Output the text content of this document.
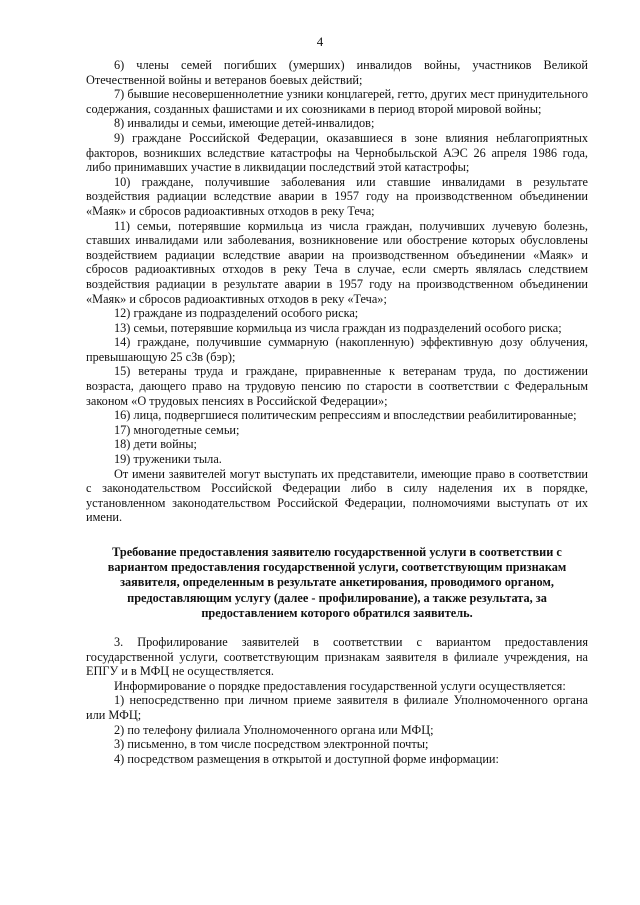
4

6) члены семей погибших (умерших) инвалидов войны, участников Великой Отечественной войны и ветеранов боевых действий;

7) бывшие несовершеннолетние узники концлагерей, гетто, других мест принудительного содержания, созданных фашистами и их союзниками в период второй мировой войны;

8) инвалиды и семьи, имеющие детей-инвалидов;

9) граждане Российской Федерации, оказавшиеся в зоне влияния неблагоприятных факторов, возникших вследствие катастрофы на Чернобыльской АЭС 26 апреля 1986 года, либо принимавших участие в ликвидации последствий этой катастрофы;

10) граждане, получившие заболевания или ставшие инвалидами в результате воздействия радиации вследствие аварии в 1957 году на производственном объединении «Маяк» и сбросов радиоактивных отходов в реку Теча;

11) семьи, потерявшие кормильца из числа граждан, получивших лучевую болезнь, ставших инвалидами или заболевания, возникновение или обострение которых обусловлены воздействием радиации вследствие аварии на производственном объединении «Маяк» и сбросов радиоактивных отходов в реку Теча в случае, если смерть являлась следствием воздействия радиации в результате аварии в 1957 году на производственном объединении «Маяк» и сбросов радиоактивных отходов в реку «Теча»;

12) граждане из подразделений особого риска;

13) семьи, потерявшие кормильца из числа граждан из подразделений особого риска;

14) граждане, получившие суммарную (накопленную) эффективную дозу облучения, превышающую 25 сЗв (бэр);

15) ветераны труда и граждане, приравненные к ветеранам труда, по достижении возраста, дающего право на трудовую пенсию по старости в соответствии с Федеральным законом «О трудовых пенсиях в Российской Федерации»;

16) лица, подвергшиеся политическим репрессиям и впоследствии реабилитированные;

17) многодетные семьи;

18) дети войны;

19) труженики тыла.

От имени заявителей могут выступать их представители, имеющие право в соответствии с законодательством Российской Федерации либо в силу наделения их в порядке, установленном законодательством Российской Федерации, полномочиями выступать от их имени.

Требование предоставления заявителю государственной услуги в соответствии с вариантом предоставления государственной услуги, соответствующим признакам заявителя, определенным в результате анкетирования, проводимого органом, предоставляющим услугу (далее - профилирование), а также результата, за предоставлением которого обратился заявитель.

3. Профилирование заявителей в соответствии с вариантом предоставления государственной услуги, соответствующим признакам заявителя в филиале учреждения, на ЕПГУ и в МФЦ не осуществляется.

Информирование о порядке предоставления государственной услуги осуществляется:

1) непосредственно при личном приеме заявителя в филиале Уполномоченного органа или МФЦ;

2) по телефону филиала Уполномоченного органа или МФЦ;

3) письменно, в том числе посредством электронной почты;

4) посредством размещения в открытой и доступной форме информации:
